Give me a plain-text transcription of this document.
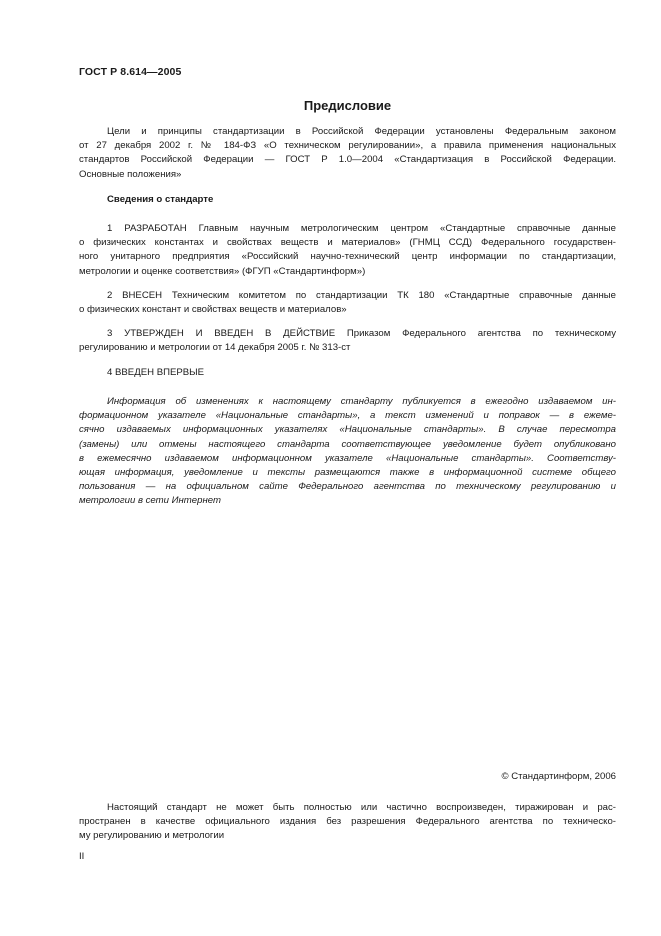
ГОСТ Р 8.614—2005
Предисловие
Цели и принципы стандартизации в Российской Федерации установлены Федеральным законом
от 27 декабря 2002 г. № 184-ФЗ «О техническом регулировании», а правила применения национальных
стандартов Российской Федерации — ГОСТ Р 1.0—2004 «Стандартизация в Российской Федерации.
Основные положения»
Сведения о стандарте
1 РАЗРАБОТАН Главным научным метрологическим центром «Стандартные справочные данные
о физических константах и свойствах веществ и материалов» (ГНМЦ ССД) Федерального государствен-
ного унитарного предприятия «Российский научно-технический центр информации по стандартизации,
метрологии и оценке соответствия» (ФГУП «Стандартинформ»)
2 ВНЕСЕН Техническим комитетом по стандартизации ТК 180 «Стандартные справочные данные
о физических констант и свойствах веществ и материалов»
3 УТВЕРЖДЕН И ВВЕДЕН В ДЕЙСТВИЕ Приказом Федерального агентства по техническому
регулированию и метрологии от 14 декабря 2005 г. № 313-ст
4 ВВЕДЕН ВПЕРВЫЕ
Информация об изменениях к настоящему стандарту публикуется в ежегодно издаваемом ин-
формационном указателе «Национальные стандарты», а текст изменений и поправок — в ежеме-
сячно издаваемых информационных указателях «Национальные стандарты». В случае пересмотра
(замены) или отмены настоящего стандарта соответствующее уведомление будет опубликовано
в ежемесячно издаваемом информационном указателе «Национальные стандарты». Соответству-
ющая информация, уведомление и тексты размещаются также в информационной системе общего
пользования — на официальном сайте Федерального агентства по техническому регулированию и
метрологии в сети Интернет
© Стандартинформ, 2006
Настоящий стандарт не может быть полностью или частично воспроизведен, тиражирован и рас-
пространен в качестве официального издания без разрешения Федерального агентства по техническо-
му регулированию и метрологии
II
